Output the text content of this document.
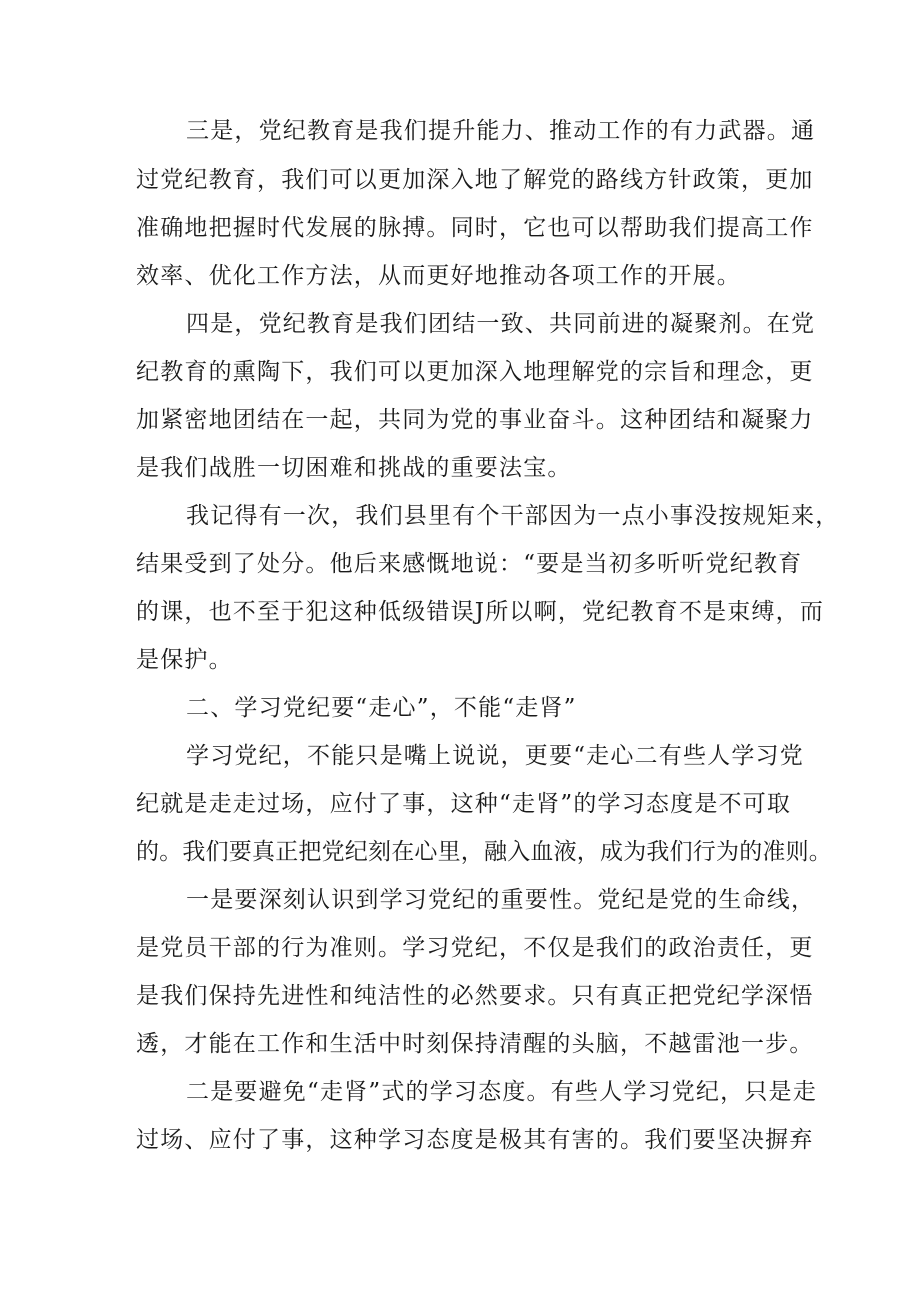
三是，党纪教育是我们提升能力、推动工作的有力武器。通
过党纪教育，我们可以更加深入地了解党的路线方针政策，更加
准确地把握时代发展的脉搏。同时，它也可以帮助我们提高工作
效率、优化工作方法，从而更好地推动各项工作的开展。
四是，党纪教育是我们团结一致、共同前进的凝聚剂。在党
纪教育的熏陶下，我们可以更加深入地理解党的宗旨和理念，更
加紧密地团结在一起，共同为党的事业奋斗。这种团结和凝聚力
是我们战胜一切困难和挑战的重要法宝。
我记得有一次，我们县里有个干部因为一点小事没按规矩来，
结果受到了处分。他后来感慨地说：“要是当初多听听党纪教育
的课，也不至于犯这种低级错误J所以啊，党纪教育不是束缚，而
是保护。
二、学习党纪要“走心”，不能“走肾”
学习党纪，不能只是嘴上说说，更要“走心二有些人学习党
纪就是走走过场，应付了事，这种“走肾”的学习态度是不可取
的。我们要真正把党纪刻在心里，融入血液，成为我们行为的准则。
一是要深刻认识到学习党纪的重要性。党纪是党的生命线，
是党员干部的行为准则。学习党纪，不仅是我们的政治责任，更
是我们保持先进性和纯洁性的必然要求。只有真正把党纪学深悟
透，才能在工作和生活中时刻保持清醒的头脑，不越雷池一步。
二是要避免“走肾”式的学习态度。有些人学习党纪，只是走
过场、应付了事，这种学习态度是极其有害的。我们要坚决摒弃
